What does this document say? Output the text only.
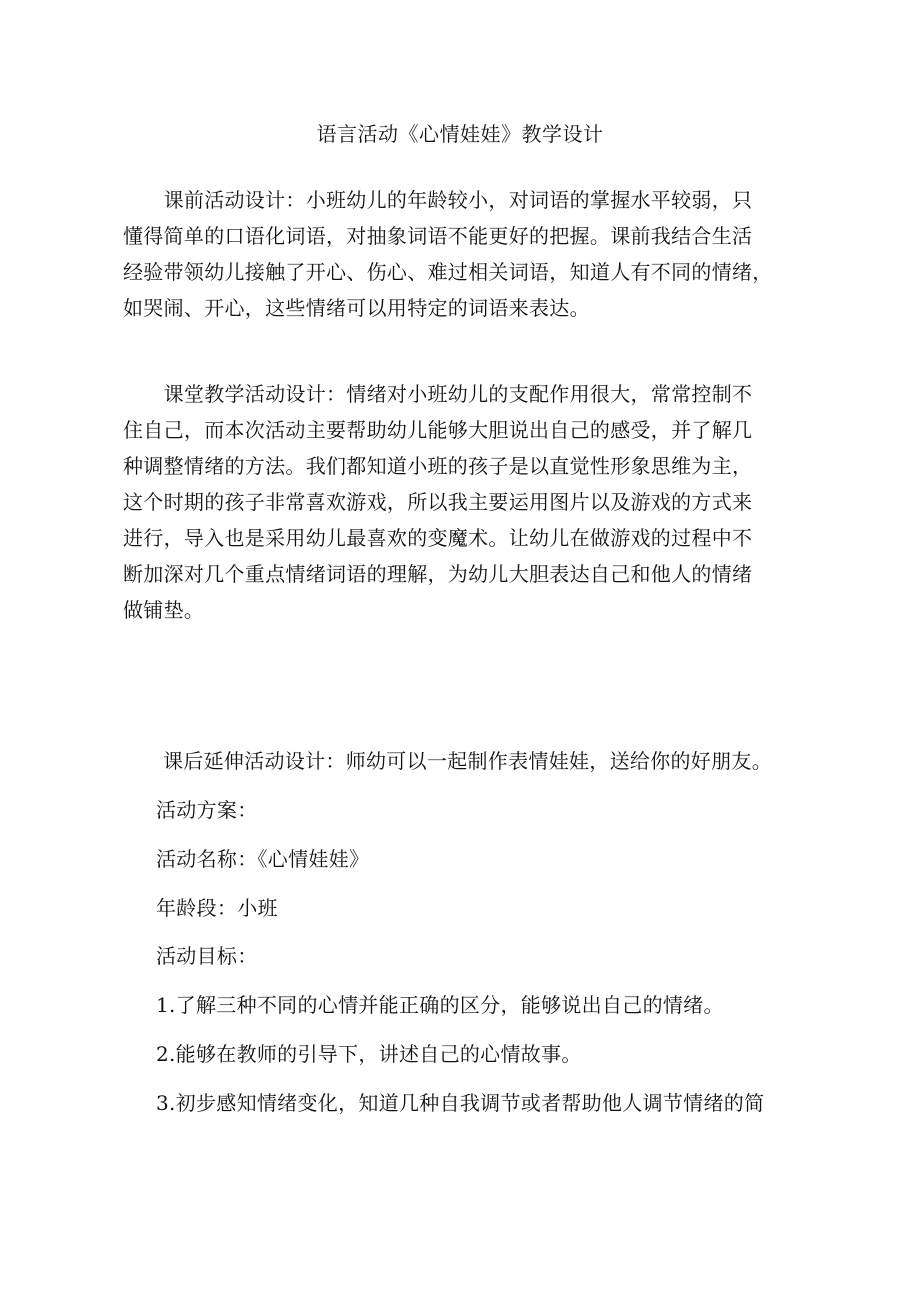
语言活动《心情娃娃》教学设计
　　课前活动设计：小班幼儿的年龄较小，对词语的掌握水平较弱，只
懂得简单的口语化词语，对抽象词语不能更好的把握。课前我结合生活
经验带领幼儿接触了开心、伤心、难过相关词语，知道人有不同的情绪，
如哭闹、开心，这些情绪可以用特定的词语来表达。
　　课堂教学活动设计：情绪对小班幼儿的支配作用很大，常常控制不
住自己，而本次活动主要帮助幼儿能够大胆说出自己的感受，并了解几
种调整情绪的方法。我们都知道小班的孩子是以直觉性形象思维为主，
这个时期的孩子非常喜欢游戏，所以我主要运用图片以及游戏的方式来
进行，导入也是采用幼儿最喜欢的变魔术。让幼儿在做游戏的过程中不
断加深对几个重点情绪词语的理解，为幼儿大胆表达自己和他人的情绪
做铺垫。
课后延伸活动设计：师幼可以一起制作表情娃娃，送给你的好朋友。
活动方案：
活动名称：《心情娃娃》
年龄段：小班
活动目标：
1.了解三种不同的心情并能正确的区分，能够说出自己的情绪。
2.能够在教师的引导下，讲述自己的心情故事。
3.初步感知情绪变化，知道几种自我调节或者帮助他人调节情绪的简
